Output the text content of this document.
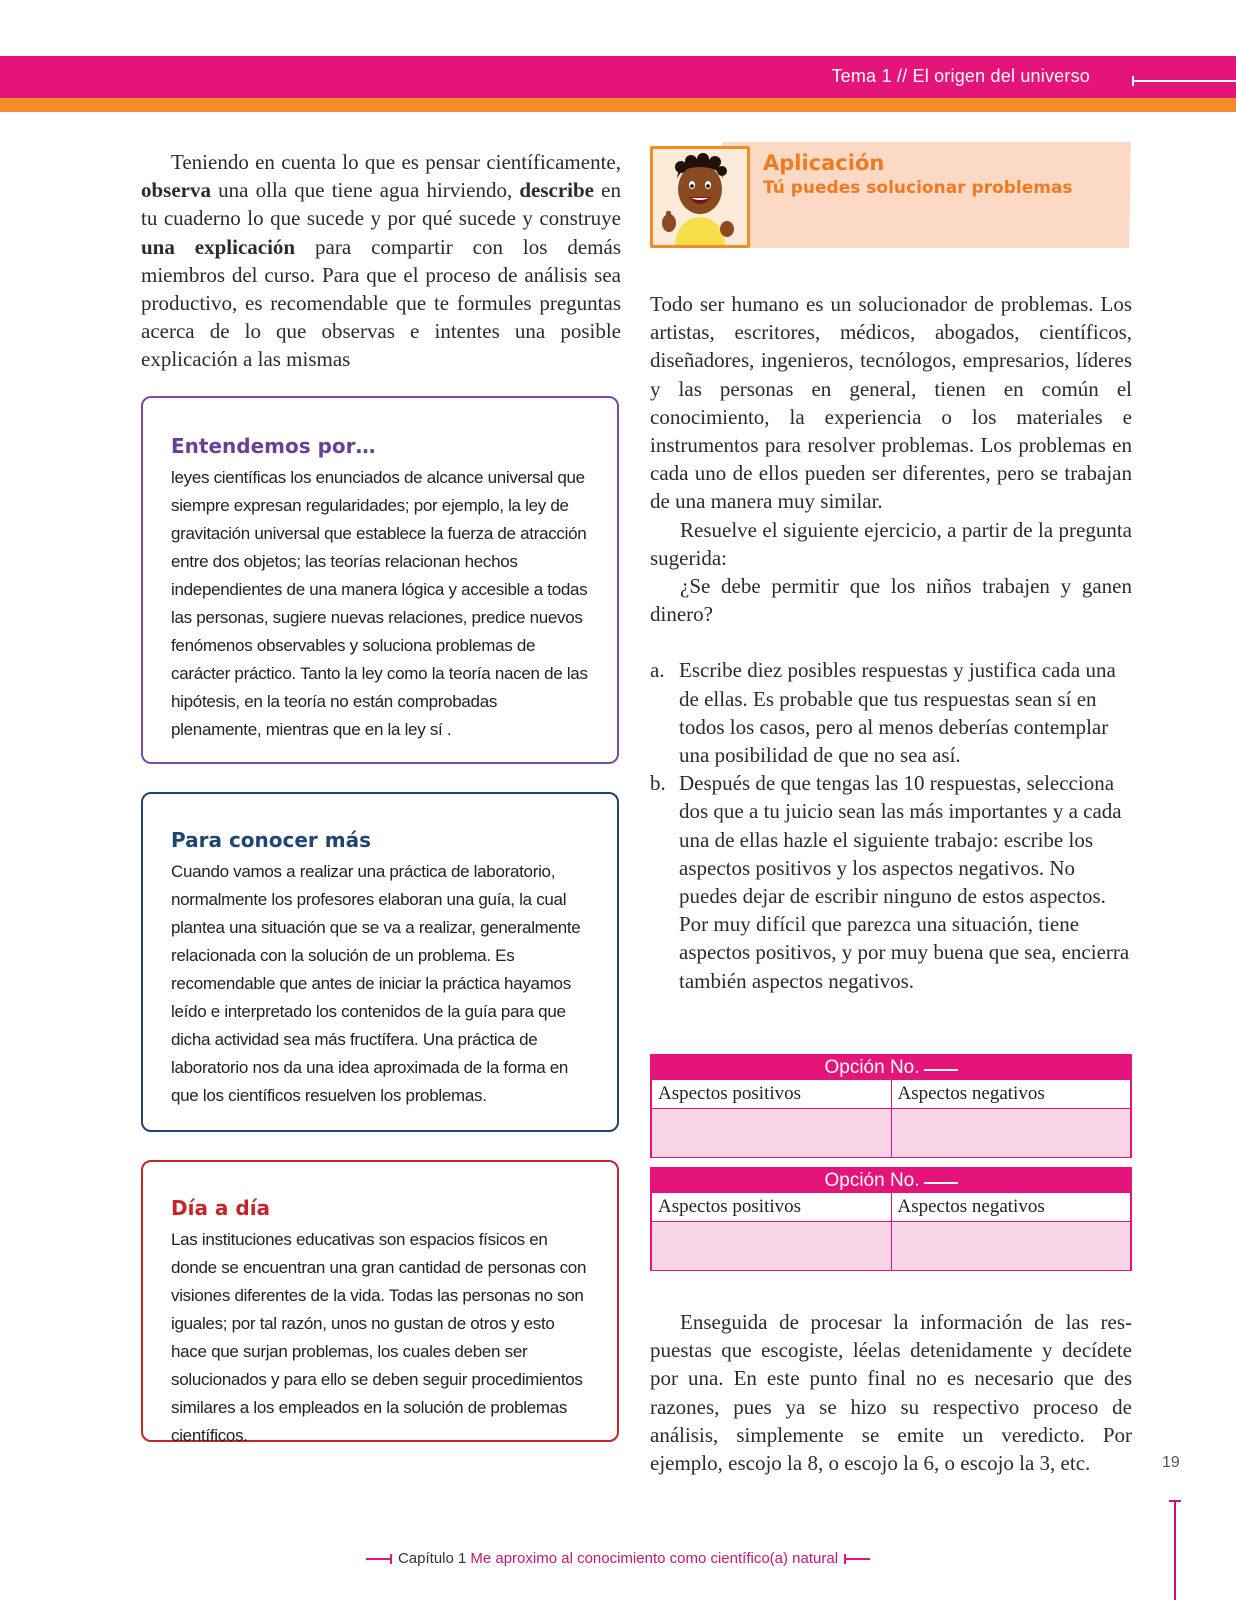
Tema 1 // El origen del universo

Teniendo en cuenta lo que es pensar científicamente, observa una olla que tiene agua hirviendo, describe en tu cuaderno lo que sucede y por qué sucede y construye una explicación para compartir con los demás miembros del curso. Para que el proceso de análisis sea productivo, es recomendable que te formules preguntas acerca de lo que observas e intentes una posible explicación a las mismas

Entendemos por…

leyes científicas los enunciados de alcance universal que siempre expresan regularidades; por ejemplo, la ley de gravitación universal que establece la fuerza de atracción entre dos objetos; las teorías relacionan hechos independientes de una manera lógica y accesible a todas las personas, sugiere nuevas relaciones, predice nuevos fenómenos observables y soluciona problemas de carácter práctico. Tanto la ley como la teoría nacen de las hipótesis, en la teoría no están comprobadas plenamente, mientras que en la ley sí .

Para conocer más

Cuando vamos a realizar una práctica de laboratorio, normalmente los profesores elaboran una guía, la cual plantea una situación que se va a realizar, generalmente relacionada con la solución de un problema. Es recomendable que antes de iniciar la práctica hayamos leído e interpretado los contenidos de la guía para que dicha actividad sea más fructífera. Una práctica de laboratorio nos da una idea aproximada de la forma en que los científicos resuelven los problemas.

Día a día

Las instituciones educativas son espacios físicos en donde se encuentran una gran cantidad de personas con visiones diferentes de la vida. Todas las personas no son iguales; por tal razón, unos no gustan de otros y esto hace que surjan problemas, los cuales deben ser solucionados y para ello se deben seguir procedimientos similares a los empleados en la solución de problemas científicos.

Aplicación
Tú puedes solucionar problemas

Todo ser humano es un solucionador de problemas. Los artistas, escritores, médicos, abogados, científicos, diseñadores, ingenieros, tecnólogos, empresarios, líderes y las personas en general, tienen en común el conocimiento, la experiencia o los materiales e instrumentos para resolver problemas. Los problemas en cada uno de ellos pueden ser diferentes, pero se trabajan de una manera muy similar.

Resuelve el siguiente ejercicio, a partir de la pregunta sugerida:

¿Se debe permitir que los niños trabajen y ganen dinero?

a. Escribe diez posibles respuestas y justifica cada una de ellas. Es probable que tus respuestas sean sí en todos los casos, pero al menos deberías contemplar una posibilidad de que no sea así.
b. Después de que tengas las 10 respuestas, selecciona dos que a tu juicio sean las más importantes y a cada una de ellas hazle el siguiente trabajo: escribe los aspectos positivos y los aspectos negativos. No puedes dejar de escribir ninguno de estos aspectos. Por muy difícil que parezca una situación, tiene aspectos positivos, y por muy buena que sea, encierra también aspectos negativos.
Opción No.
Aspectos positivos	Aspectos negativos
Opción No.
Aspectos positivos	Aspectos negativos

Enseguida de procesar la información de las respuestas que escogiste, léelas detenidamente y decídete por una. En este punto final no es necesario que des razones, pues ya se hizo su respectivo proceso de análisis, simplemente se emite un veredicto. Por ejemplo, escojo la 8, o escojo la 6, o escojo la 3, etc.	19
Capítulo 1 Me aproximo al conocimiento como científico(a) natural
